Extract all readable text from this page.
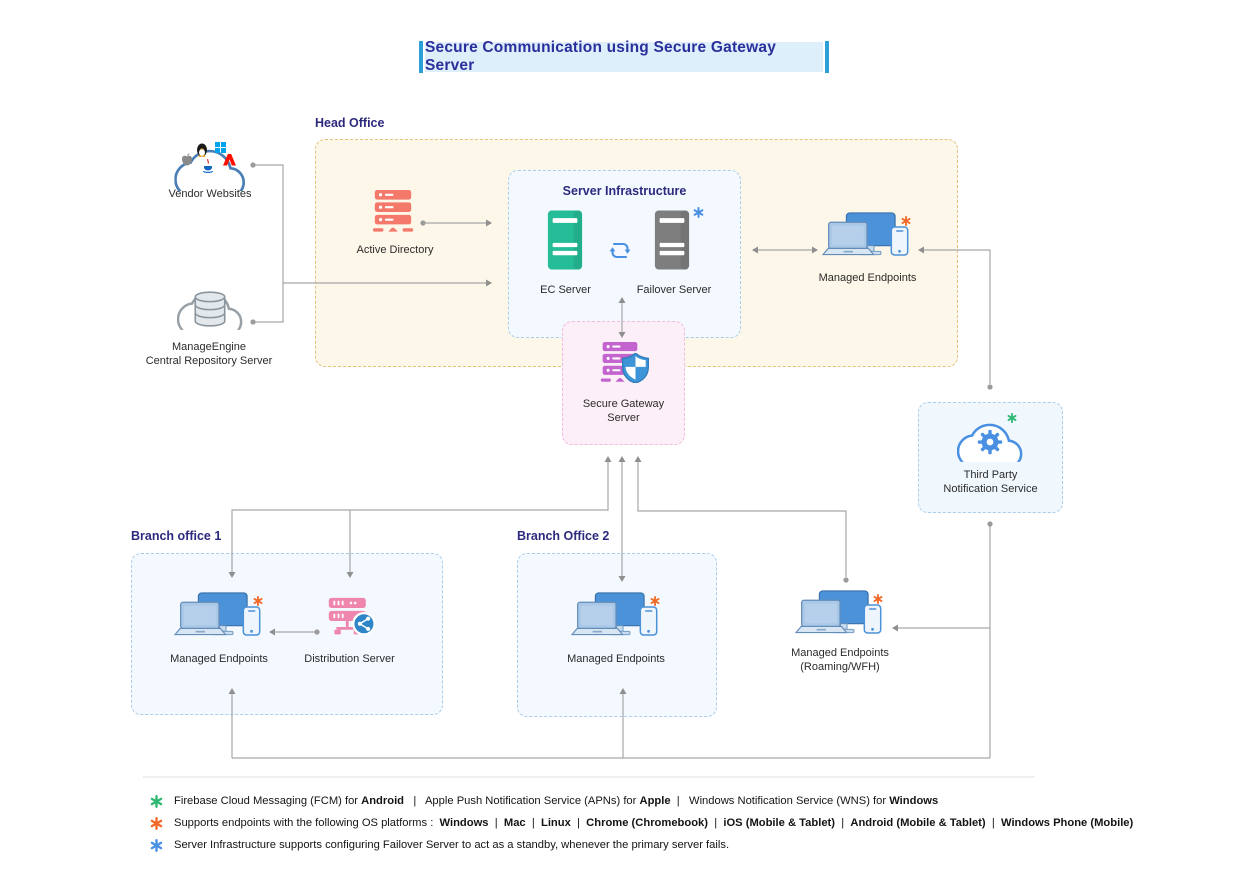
Secure Communication using Secure Gateway Server
Head Office
Server Infrastructure
Branch office 1	Branch Office 2
Vendor Websites
ManageEngine
Central Repository Server
Active Directory
EC Server	Failover Server
Secure Gateway
Server
Managed Endpoints
Third Party
Notification Service
Managed Endpoints	Distribution Server	Managed Endpoints	Managed Endpoints
(Roaming/WFH)
Firebase Cloud Messaging (FCM) for Android   |   Apple Push Notification Service (APNs) for Apple  |   Windows Notification Service (WNS) for Windows
Supports endpoints with the following OS platforms :  Windows  |  Mac  |  Linux  |  Chrome (Chromebook)  |  iOS (Mobile & Tablet)  |  Android (Mobile & Tablet)  |  Windows Phone (Mobile)
Server Infrastructure supports configuring Failover Server to act as a standby, whenever the primary server fails.
